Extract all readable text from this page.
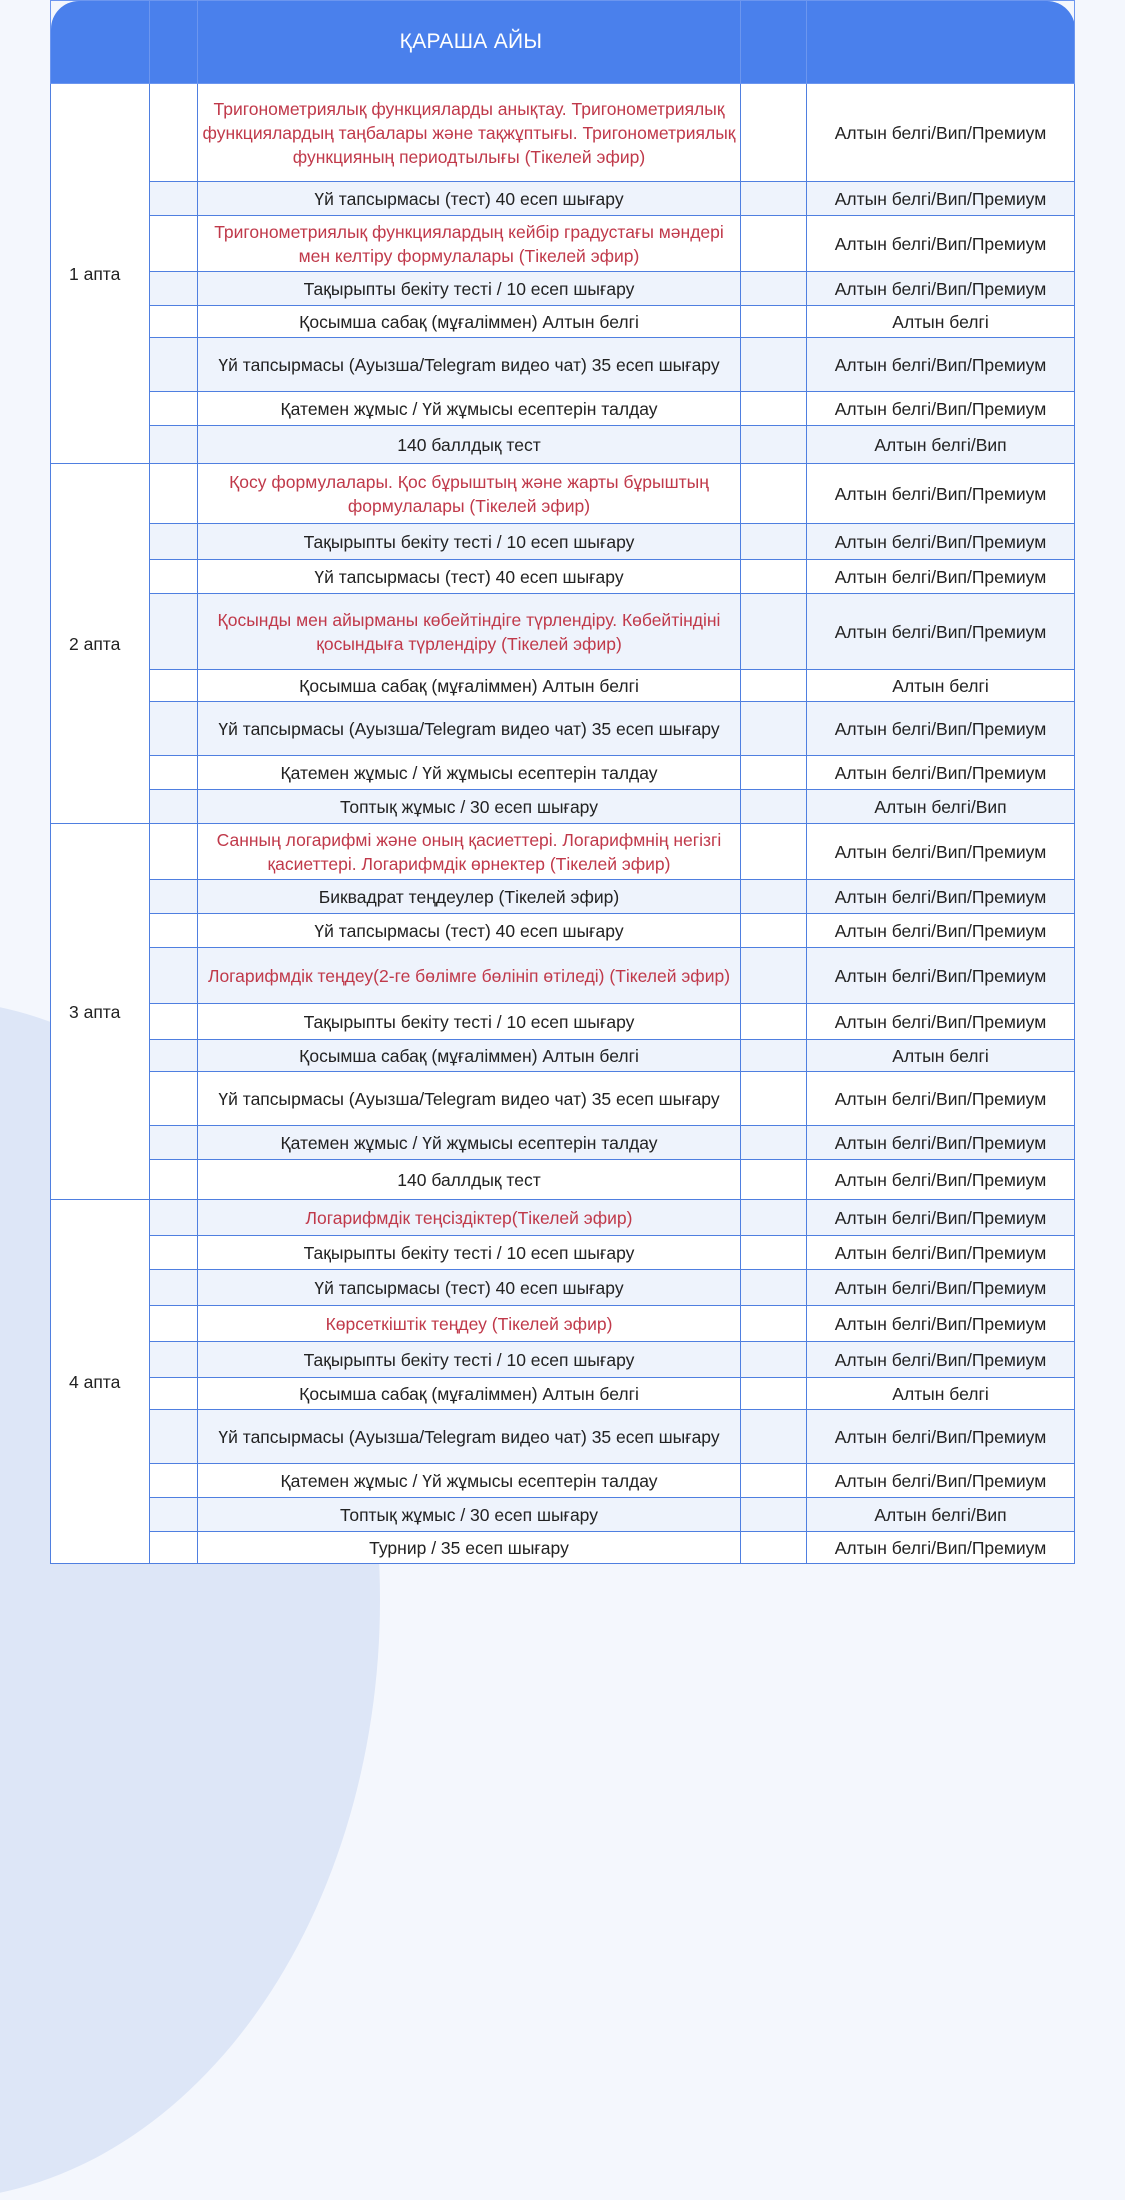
		ҚАРАША АЙЫ		
1 апта		Тригонометриялық функцияларды анықтау. Тригонометриялық функциялардың таңбалары және тақжұптығы. Тригонометриялық функцияның периодтылығы (Тікелей эфир)		Алтын белгі/Вип/Премиум
		Үй тапсырмасы (тест) 40 есеп шығару		Алтын белгі/Вип/Премиум
		Тригонометриялық функциялардың кейбір градустағы мәндері мен келтіру формулалары (Тікелей эфир)		Алтын белгі/Вип/Премиум
		Тақырыпты бекіту тесті / 10 есеп шығару		Алтын белгі/Вип/Премиум
		Қосымша сабақ (мұғаліммен) Алтын белгі		Алтын белгі
		Үй тапсырмасы (Ауызша/Telegram видео чат) 35 есеп шығару		Алтын белгі/Вип/Премиум
		Қатемен жұмыс / Үй жұмысы есептерін талдау		Алтын белгі/Вип/Премиум
		140 баллдық тест		Алтын белгі/Вип
2 апта		Қосу формулалары. Қос бұрыштың және жарты бұрыштың формулалары (Тікелей эфир)		Алтын белгі/Вип/Премиум
		Тақырыпты бекіту тесті / 10 есеп шығару		Алтын белгі/Вип/Премиум
		Үй тапсырмасы (тест) 40 есеп шығару		Алтын белгі/Вип/Премиум
		Қосынды мен айырманы көбейтіндіге түрлендіру. Көбейтіндіні қосындыға түрлендіру (Тікелей эфир)		Алтын белгі/Вип/Премиум
		Қосымша сабақ (мұғаліммен) Алтын белгі		Алтын белгі
		Үй тапсырмасы (Ауызша/Telegram видео чат) 35 есеп шығару		Алтын белгі/Вип/Премиум
		Қатемен жұмыс / Үй жұмысы есептерін талдау		Алтын белгі/Вип/Премиум
		Топтық жұмыс / 30 есеп шығару		Алтын белгі/Вип
3 апта		Санның логарифмі және оның қасиеттері. Логарифмнің негізгі қасиеттері. Логарифмдік өрнектер (Тікелей эфир)		Алтын белгі/Вип/Премиум
		Биквадрат теңдеулер (Тікелей эфир)		Алтын белгі/Вип/Премиум
		Үй тапсырмасы (тест) 40 есеп шығару		Алтын белгі/Вип/Премиум
		Логарифмдік теңдеу(2-ге бөлімге бөлініп өтіледі) (Тікелей эфир)		Алтын белгі/Вип/Премиум
		Тақырыпты бекіту тесті / 10 есеп шығару		Алтын белгі/Вип/Премиум
		Қосымша сабақ (мұғаліммен) Алтын белгі		Алтын белгі
		Үй тапсырмасы (Ауызша/Telegram видео чат) 35 есеп шығару		Алтын белгі/Вип/Премиум
		Қатемен жұмыс / Үй жұмысы есептерін талдау		Алтын белгі/Вип/Премиум
		140 баллдық тест		Алтын белгі/Вип/Премиум
4 апта		Логарифмдік теңсіздіктер(Тікелей эфир)		Алтын белгі/Вип/Премиум
		Тақырыпты бекіту тесті / 10 есеп шығару		Алтын белгі/Вип/Премиум
		Үй тапсырмасы (тест) 40 есеп шығару		Алтын белгі/Вип/Премиум
		Көрсеткіштік теңдеу (Тікелей эфир)		Алтын белгі/Вип/Премиум
		Тақырыпты бекіту тесті / 10 есеп шығару		Алтын белгі/Вип/Премиум
		Қосымша сабақ (мұғаліммен) Алтын белгі		Алтын белгі
		Үй тапсырмасы (Ауызша/Telegram видео чат) 35 есеп шығару		Алтын белгі/Вип/Премиум
		Қатемен жұмыс / Үй жұмысы есептерін талдау		Алтын белгі/Вип/Премиум
		Топтық жұмыс / 30 есеп шығару		Алтын белгі/Вип
		Турнир / 35 есеп шығару		Алтын белгі/Вип/Премиум
